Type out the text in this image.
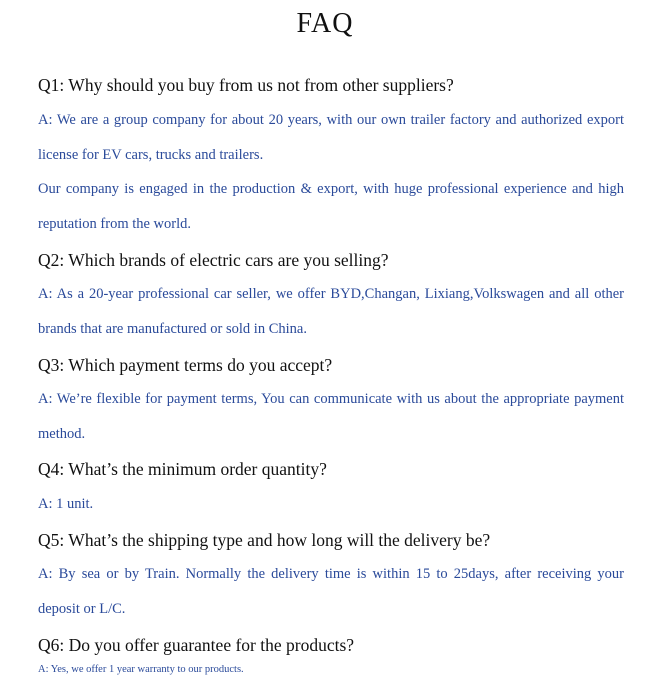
FAQ
Q1: Why should you buy from us not from other suppliers?
A: We are a group company for about 20 years, with our own trailer factory and authorized export license for EV cars, trucks and trailers.
Our company is engaged in the production & export, with huge professional experience and high reputation from the world.
Q2: Which brands of electric cars are you selling?
A: As a 20-year professional car seller, we offer BYD,Changan, Lixiang,Volkswagen and all other brands that are manufactured or sold in China.
Q3: Which payment terms do you accept?
A: We’re flexible for payment terms, You can communicate with us about the appropriate payment method.
Q4: What’s the minimum order quantity?
A: 1 unit.
Q5: What’s the shipping type and how long will the delivery be?
A: By sea or by Train. Normally the delivery time is within 15 to 25days, after receiving your deposit or L/C.
Q6: Do you offer guarantee for the products?
A: Yes, we offer 1 year warranty to our products.
